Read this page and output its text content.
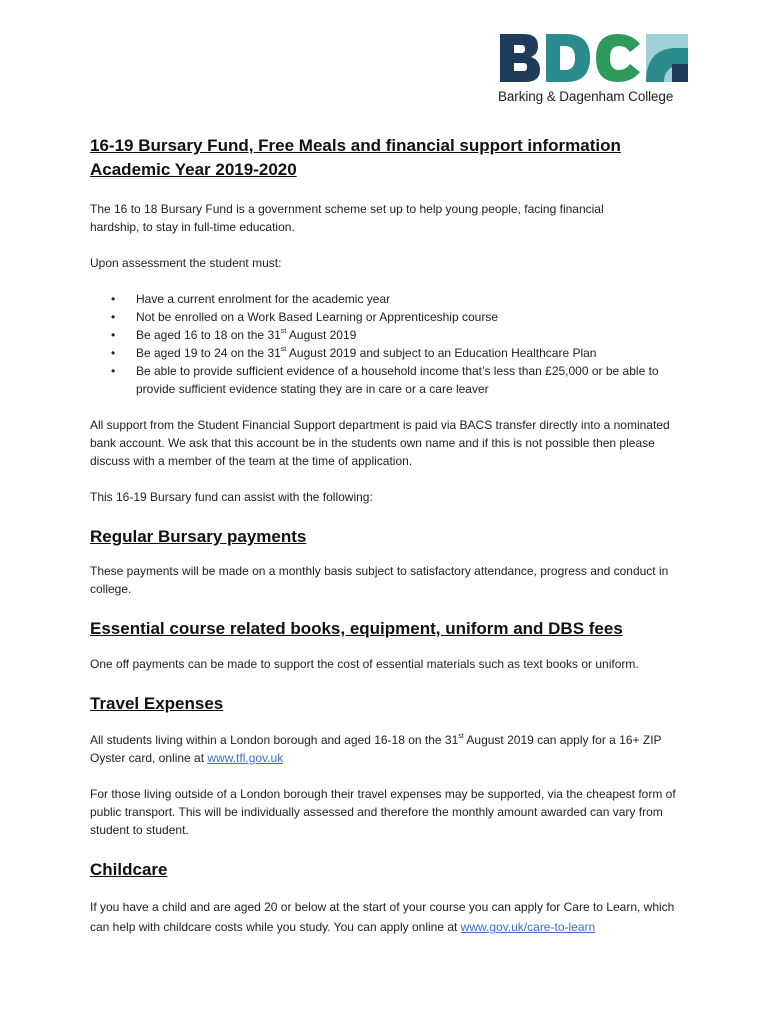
Barking & Dagenham College
16-19 Bursary Fund, Free Meals and financial support information
Academic Year 2019-2020

The 16 to 18 Bursary Fund is a government scheme set up to help young people, facing financial hardship, to stay in full-time education.

Upon assessment the student must:

• Have a current enrolment for the academic year
• Not be enrolled on a Work Based Learning or Apprenticeship course
• Be aged 16 to 18 on the 31st August 2019
• Be aged 19 to 24 on the 31st August 2019 and subject to an Education Healthcare Plan
• Be able to provide sufficient evidence of a household income that’s less than £25,000 or be able to provide sufficient evidence stating they are in care or a care leaver

All support from the Student Financial Support department is paid via BACS transfer directly into a nominated bank account. We ask that this account be in the students own name and if this is not possible then please discuss with a member of the team at the time of application.

This 16-19 Bursary fund can assist with the following:

Regular Bursary payments

These payments will be made on a monthly basis subject to satisfactory attendance, progress and conduct in college.

Essential course related books, equipment, uniform and DBS fees

One off payments can be made to support the cost of essential materials such as text books or uniform.

Travel Expenses

All students living within a London borough and aged 16-18 on the 31st August 2019 can apply for a 16+ ZIP Oyster card, online at www.tfl.gov.uk

For those living outside of a London borough their travel expenses may be supported, via the cheapest form of public transport. This will be individually assessed and therefore the monthly amount awarded can vary from student to student.

Childcare

If you have a child and are aged 20 or below at the start of your course you can apply for Care to Learn, which can help with childcare costs while you study. You can apply online at www.gov.uk/care-to-learn
